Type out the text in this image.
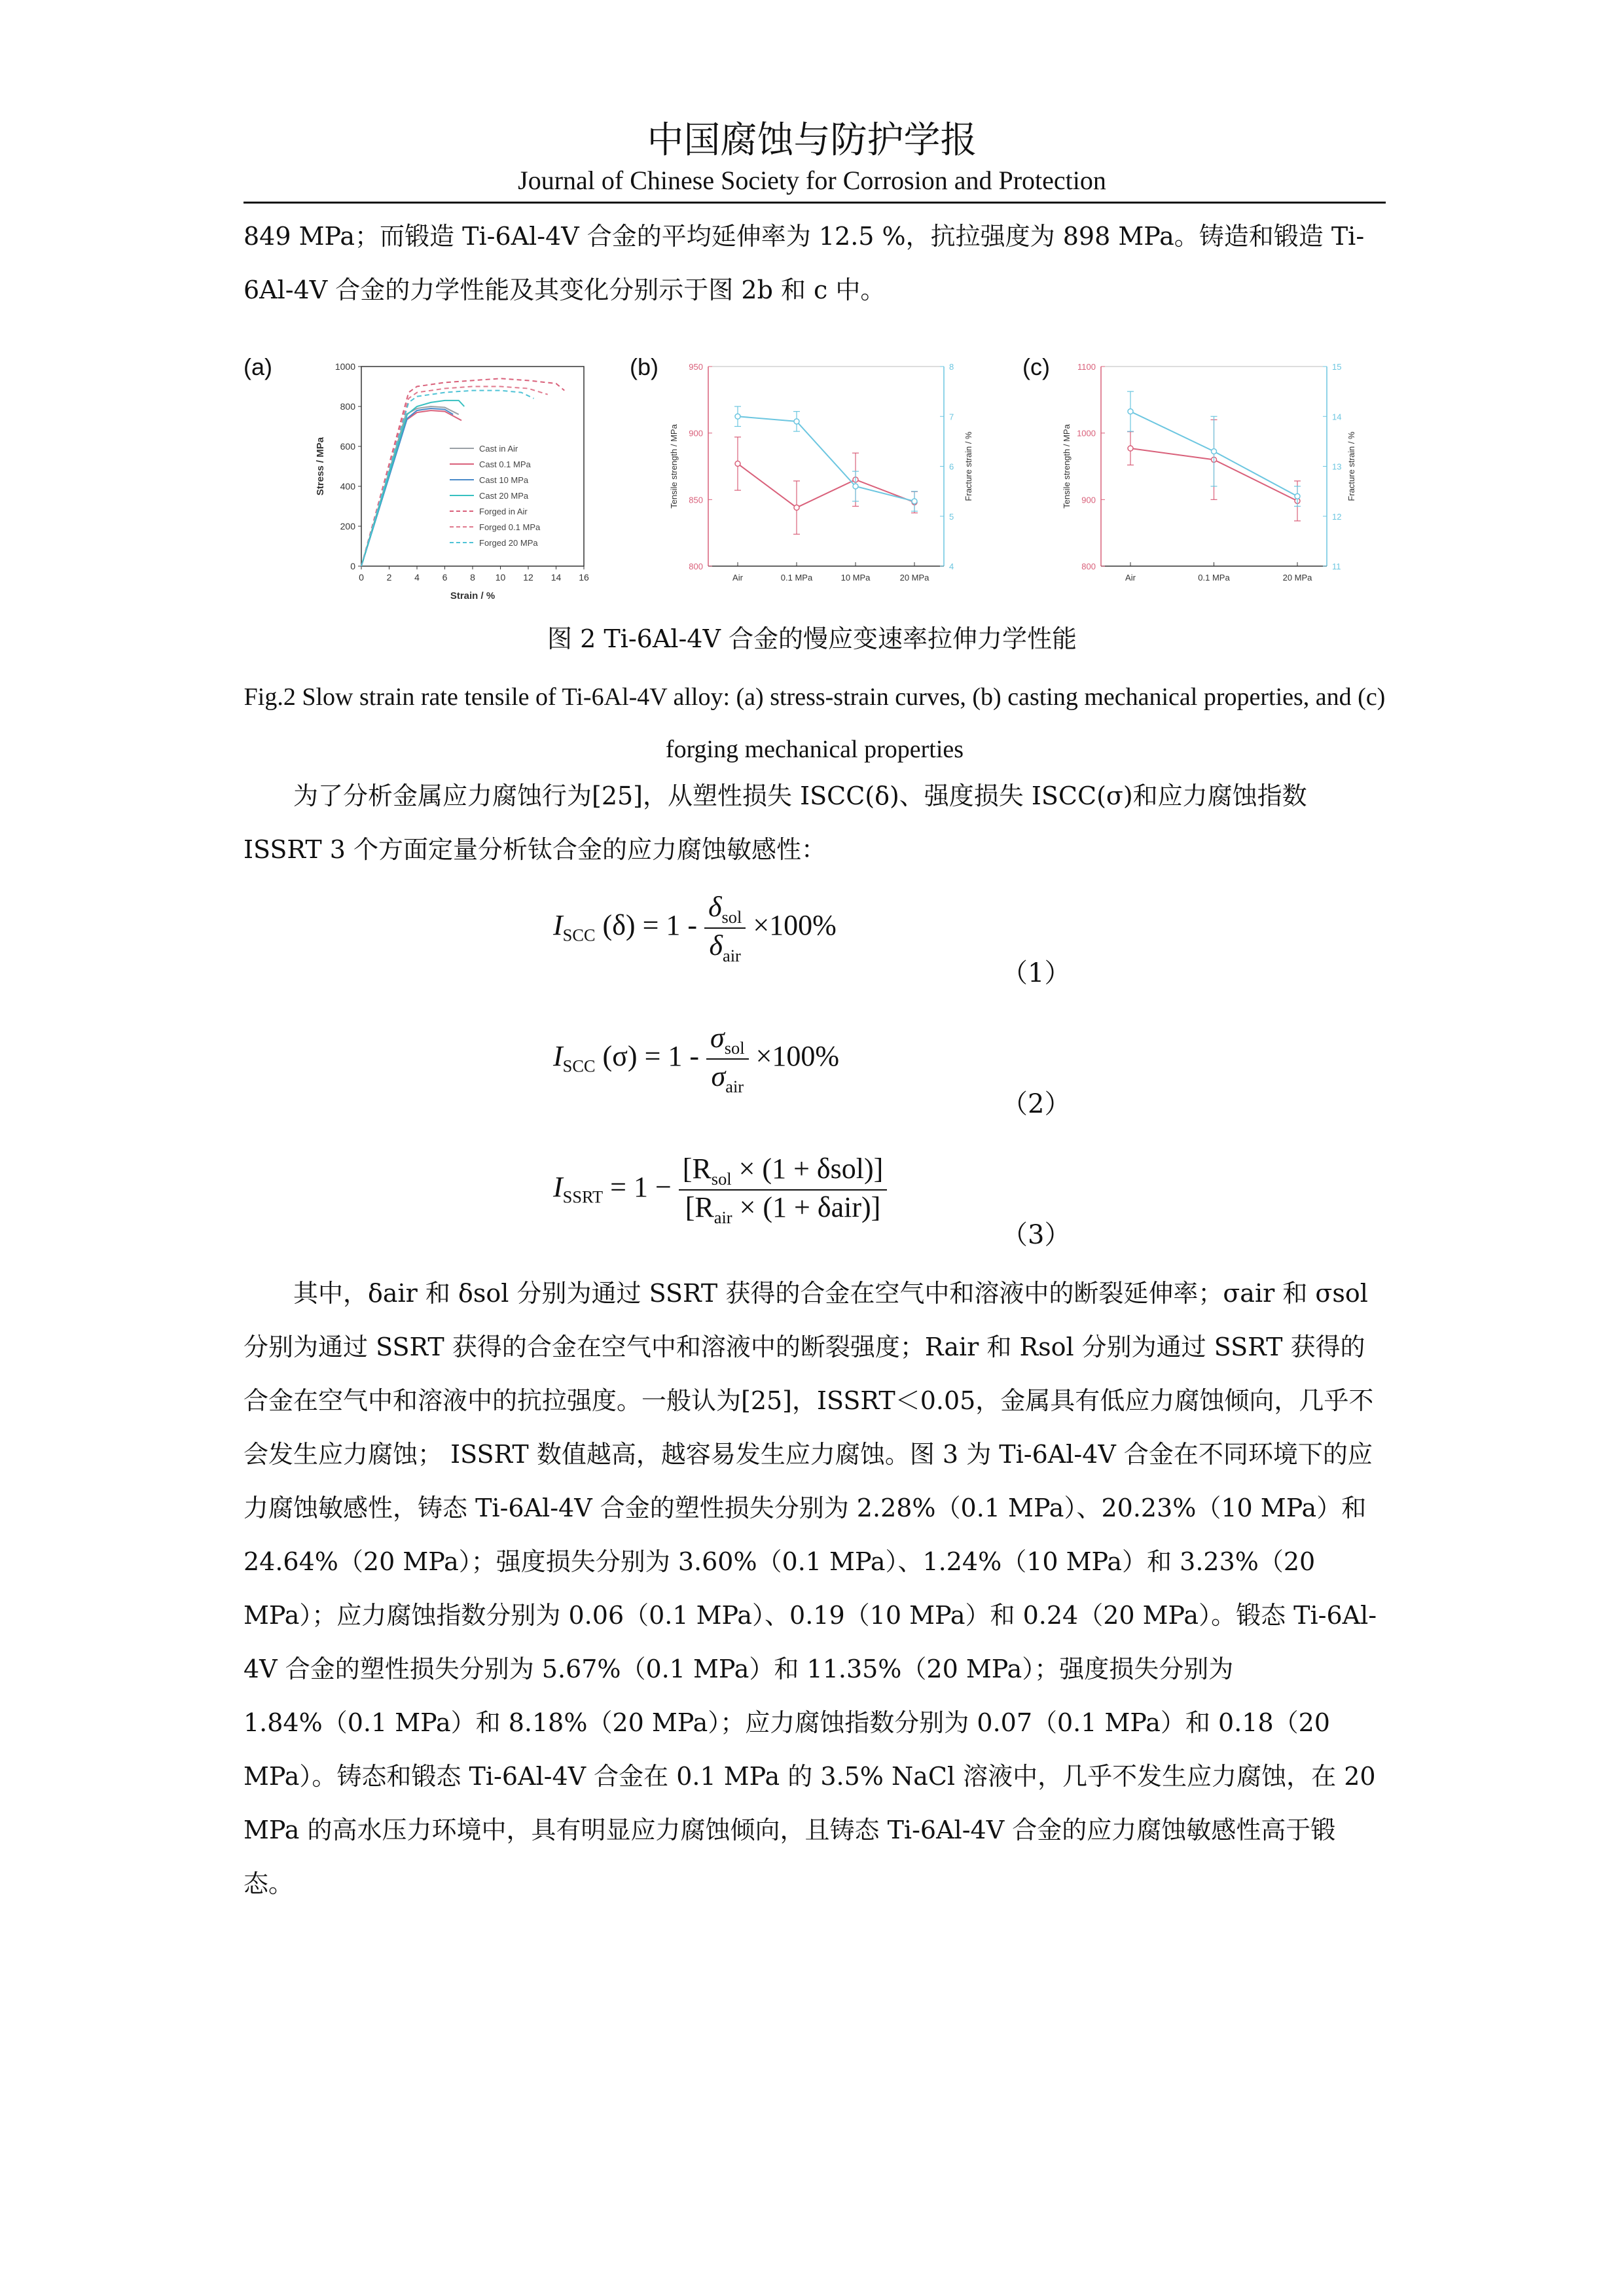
中国腐蚀与防护学报
Journal of Chinese Society for Corrosion and Protection

849 MPa；而锻造 Ti-6Al-4V 合金的平均延伸率为 12.5 %，抗拉强度为 898 MPa。铸造和锻造 Ti-6Al-4V 合金的力学性能及其变化分别示于图 2b 和 c 中。

(a)	(b)	(c)
0 2 4 6 8 10 12 14 16
0
200
400
600
800
1000
Strain / %
Stress / MPa	Cast in Air
Cast 0.1 MPa
Cast 10 MPa
Cast 20 MPa
Forged in Air
Forged 0.1 MPa
Forged 20 MPa
800
850
900
950
4
5
6
7
8
Air	0.1 MPa	10 MPa	20 MPa
Tensile strength / MPa	Fracture strain / %
800
900
1000
1100
11
12
13
14
15
Air	0.1 MPa	20 MPa
Tensile strength / MPa	Fracture strain / %
图 2 Ti-6Al-4V 合金的慢应变速率拉伸力学性能
Fig.2 Slow strain rate tensile of Ti-6Al-4V alloy: (a) stress-strain curves, (b) casting mechanical properties, and (c) forging mechanical properties

为了分析金属应力腐蚀行为[25]，从塑性损失 ISCC(δ)、强度损失 ISCC(σ)和应力腐蚀指数 ISSRT 3 个方面定量分析钛合金的应力腐蚀敏感性：

$I_{SCC}$ $(\delta) = 1 - \frac{\delta_{sol}}{\delta_{air}} \times 100\%$
（1）
$I_{SCC}$ $(\sigma) = 1 - \frac{\sigma_{sol}}{\sigma_{air}} \times 100\%$
（2）
$I_{SSRT} = 1 - \frac{[R_{sol} \times (1 + \delta sol)]}{[R_{air} \times (1 + \delta air)]}$
（3）

其中，δair 和 δsol 分别为通过 SSRT 获得的合金在空气中和溶液中的断裂延伸率；σair 和 σsol 分别为通过 SSRT 获得的合金在空气中和溶液中的断裂强度；Rair 和 Rsol 分别为通过 SSRT 获得的合金在空气中和溶液中的抗拉强度。一般认为[25]，ISSRT＜0.05，金属具有低应力腐蚀倾向，几乎不会发生应力腐蚀； ISSRT 数值越高，越容易发生应力腐蚀。图 3 为 Ti-6Al-4V 合金在不同环境下的应力腐蚀敏感性，铸态 Ti-6Al-4V 合金的塑性损失分别为 2.28%（0.1 MPa）、20.23%（10 MPa）和 24.64%（20 MPa）；强度损失分别为 3.60%（0.1 MPa）、1.24%（10 MPa）和 3.23%（20 MPa）；应力腐蚀指数分别为 0.06（0.1 MPa）、0.19（10 MPa）和 0.24（20 MPa）。锻态 Ti-6Al-4V 合金的塑性损失分别为 5.67%（0.1 MPa）和 11.35%（20 MPa）；强度损失分别为 1.84%（0.1 MPa）和 8.18%（20 MPa）；应力腐蚀指数分别为 0.07（0.1 MPa）和 0.18（20 MPa）。铸态和锻态 Ti-6Al-4V 合金在 0.1 MPa 的 3.5% NaCl 溶液中，几乎不发生应力腐蚀，在 20 MPa 的高水压力环境中，具有明显应力腐蚀倾向，且铸态 Ti-6Al-4V 合金的应力腐蚀敏感性高于锻态。
